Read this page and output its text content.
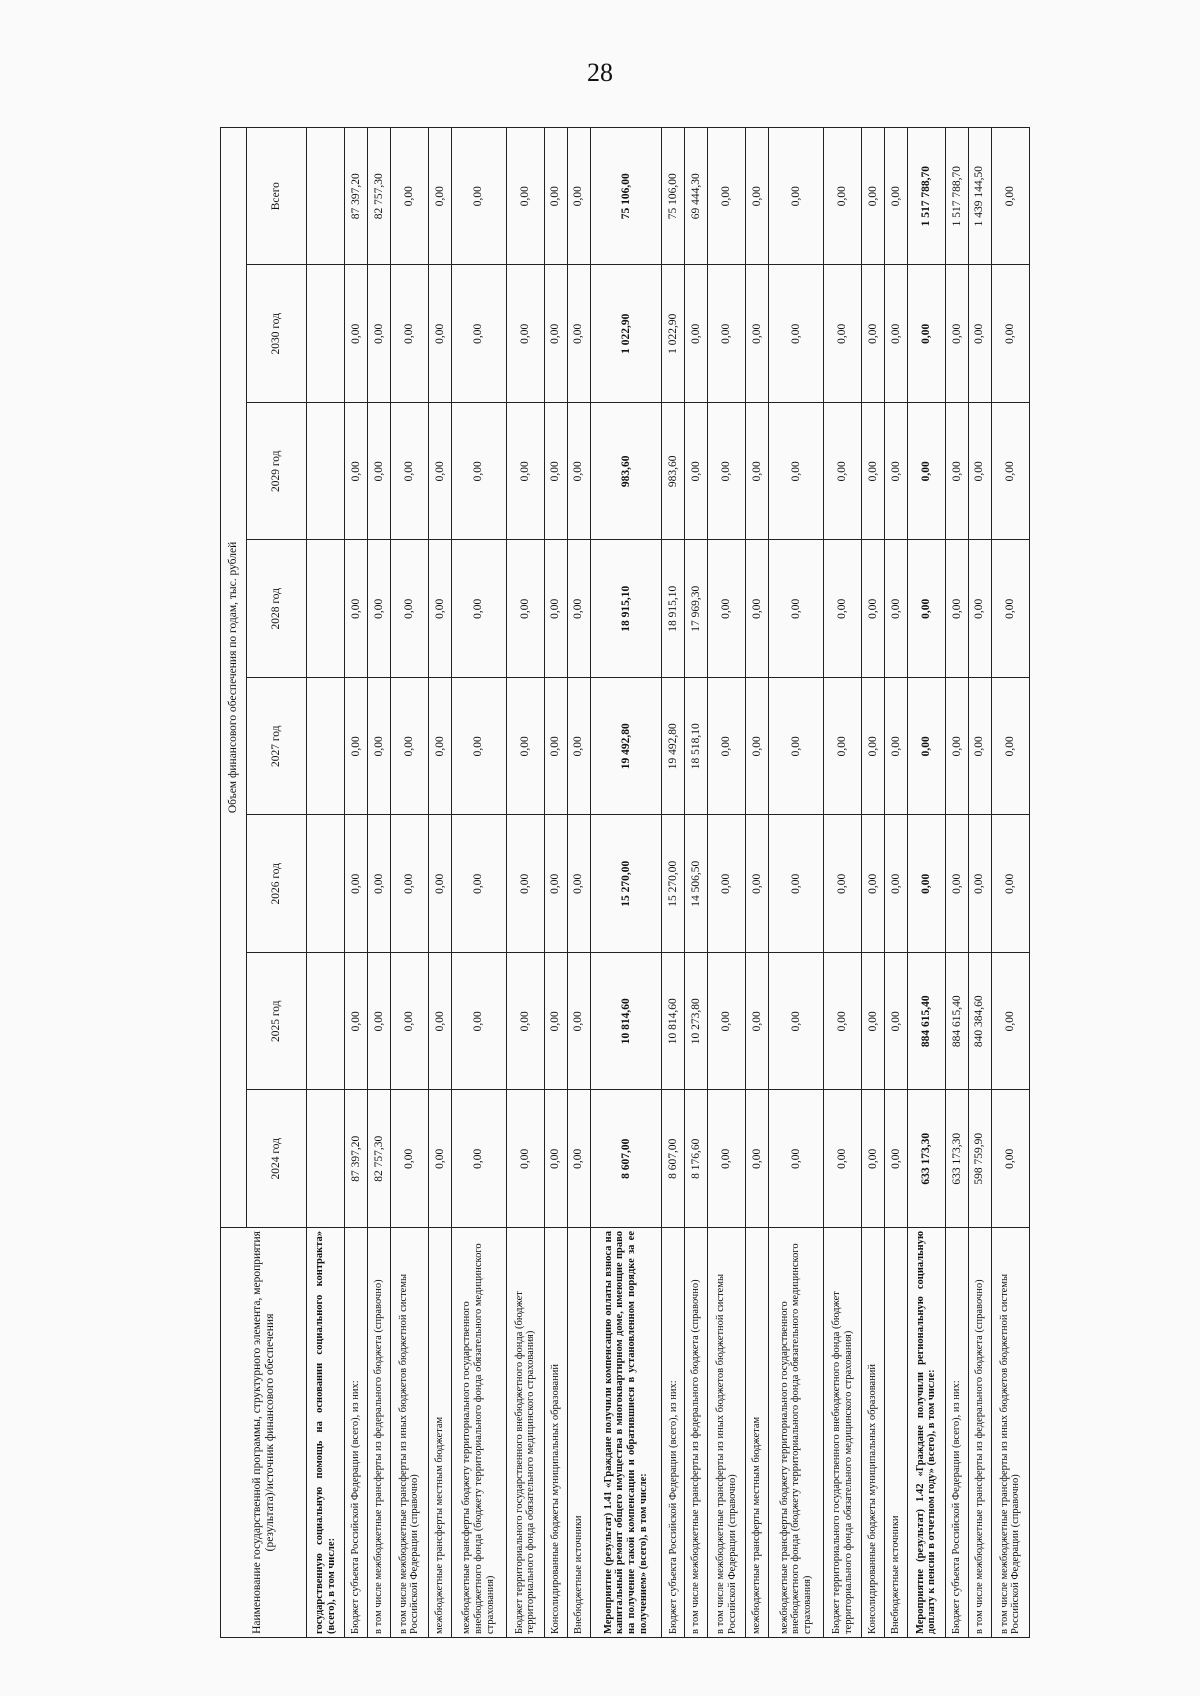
28
Наименование государственной программы, структурного элемента, мероприятия (результата)/источник финансового обеспечения	Объем финансового обеспечения по годам, тыс. рублей							
	2024 год	2025 год	2026 год	2027 год	2028 год	2029 год	2030 год	Всего
государственную социальную помощь на основании социального контракта» (всего), в том числе:								
Бюджет субъекта Российской Федерации (всего), из них:	87 397,20	0,00	0,00	0,00	0,00	0,00	0,00	87 397,20
в том числе межбюджетные трансферты из федерального бюджета (справочно)	82 757,30	0,00	0,00	0,00	0,00	0,00	0,00	82 757,30
в том числе межбюджетные трансферты из иных бюджетов бюджетной системы Российской Федерации (справочно)	0,00	0,00	0,00	0,00	0,00	0,00	0,00	0,00
межбюджетные трансферты местным бюджетам	0,00	0,00	0,00	0,00	0,00	0,00	0,00	0,00
межбюджетные трансферты бюджету территориального государственного внебюджетного фонда (бюджету территориального фонда обязательного медицинского страхования)	0,00	0,00	0,00	0,00	0,00	0,00	0,00	0,00
Бюджет территориального государственного внебюджетного фонда (бюджет территориального фонда обязательного медицинского страхования)	0,00	0,00	0,00	0,00	0,00	0,00	0,00	0,00
Консолидированные бюджеты муниципальных образований	0,00	0,00	0,00	0,00	0,00	0,00	0,00	0,00
Внебюджетные источники	0,00	0,00	0,00	0,00	0,00	0,00	0,00	0,00
Мероприятие (результат) 1.41 «Граждане получили компенсацию оплаты взноса на капитальный ремонт общего имущества в многоквартирном доме, имеющие право на получение такой компенсации и обратившиеся в установленном порядке за ее получением» (всего), в том числе:	8 607,00	10 814,60	15 270,00	19 492,80	18 915,10	983,60	1 022,90	75 106,00
Бюджет субъекта Российской Федерации (всего), из них:	8 607,00	10 814,60	15 270,00	19 492,80	18 915,10	983,60	1 022,90	75 106,00
в том числе межбюджетные трансферты из федерального бюджета (справочно)	8 176,60	10 273,80	14 506,50	18 518,10	17 969,30	0,00	0,00	69 444,30
в том числе межбюджетные трансферты из иных бюджетов бюджетной системы Российской Федерации (справочно)	0,00	0,00	0,00	0,00	0,00	0,00	0,00	0,00
межбюджетные трансферты местным бюджетам	0,00	0,00	0,00	0,00	0,00	0,00	0,00	0,00
межбюджетные трансферты бюджету территориального государственного внебюджетного фонда (бюджету территориального фонда обязательного медицинского страхования)	0,00	0,00	0,00	0,00	0,00	0,00	0,00	0,00
Бюджет территориального государственного внебюджетного фонда (бюджет территориального фонда обязательного медицинского страхования)	0,00	0,00	0,00	0,00	0,00	0,00	0,00	0,00
Консолидированные бюджеты муниципальных образований	0,00	0,00	0,00	0,00	0,00	0,00	0,00	0,00
Внебюджетные источники	0,00	0,00	0,00	0,00	0,00	0,00	0,00	0,00
Мероприятие (результат) 1.42 «Граждане получили региональную социальную доплату к пенсии в отчетном году» (всего), в том числе:	633 173,30	884 615,40	0,00	0,00	0,00	0,00	0,00	1 517 788,70
Бюджет субъекта Российской Федерации (всего), из них:	633 173,30	884 615,40	0,00	0,00	0,00	0,00	0,00	1 517 788,70
в том числе межбюджетные трансферты из федерального бюджета (справочно)	598 759,90	840 384,60	0,00	0,00	0,00	0,00	0,00	1 439 144,50
в том числе межбюджетные трансферты из иных бюджетов бюджетной системы Российской Федерации (справочно)	0,00	0,00	0,00	0,00	0,00	0,00	0,00	0,00
